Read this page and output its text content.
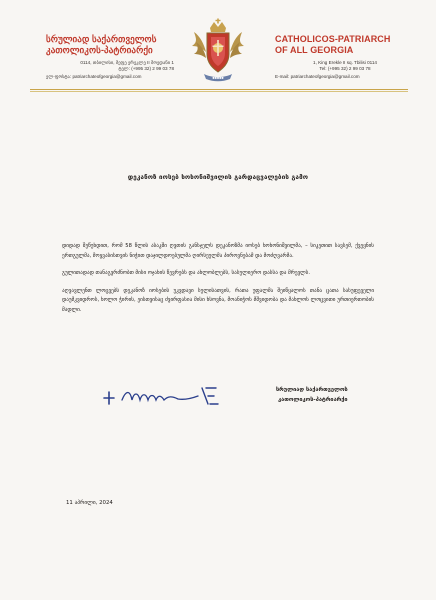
სრულიად საქართველოს
კათოლიკოს-პატრიარქი
0114, თბილისი, მეფე ერეკლე II მოედანი 1
ტელ: (+995 32) 2 99 03 78
ელ-ფოსტა: patriarchateofgeorgia@gmail.com	●●●●●
CATHOLICOS-PATRIARCH
OF ALL GEORGIA
1, King Erekle II sq. Tbilisi 0114
Tel: (+995 32) 2 99 03 78
E-mail: patriarchateofgeorgia@gmail.com
დეკანოზ იოსებ ხოხონიშვილის გარდაცვალების გამო

დიდად შეწუხდით, რომ 58 წლის ასაკში ღვთის განსჯელს დეკანოზმა იოსებ ხოხონიშვილმა, – სიკეთით სავსემ, ქვეყნის ერთგულმა, მოყვასისთვის ნიჭით დაჯილდოებულმა ღირსეულმა პიროვნებამ და მოძღვარმა.

გულითადად თანაგვრძნობთ მისი ოჯახის წევრებს და ახლობლებს, სასულიერო დასსა და მრევლს.

აღვავლენთ ლოცვებს დეკანოზ იოსების უკვდავი სულისათვის, რათა უფალმა შეიწყალოს თანა ცათა სასუფეველი დაუმკვიდროს, ხოლო ჭირის, ეისთვისაც ძვირფასია მისი ხსოვნა, მოანიჭოს მშვიდობა და მახლოს ლოცვითი ურთიერთობის მადლი.

სრულიად საქართველოს
კათოლიკოს-პატრიარქი
11 აპრილი, 2024
